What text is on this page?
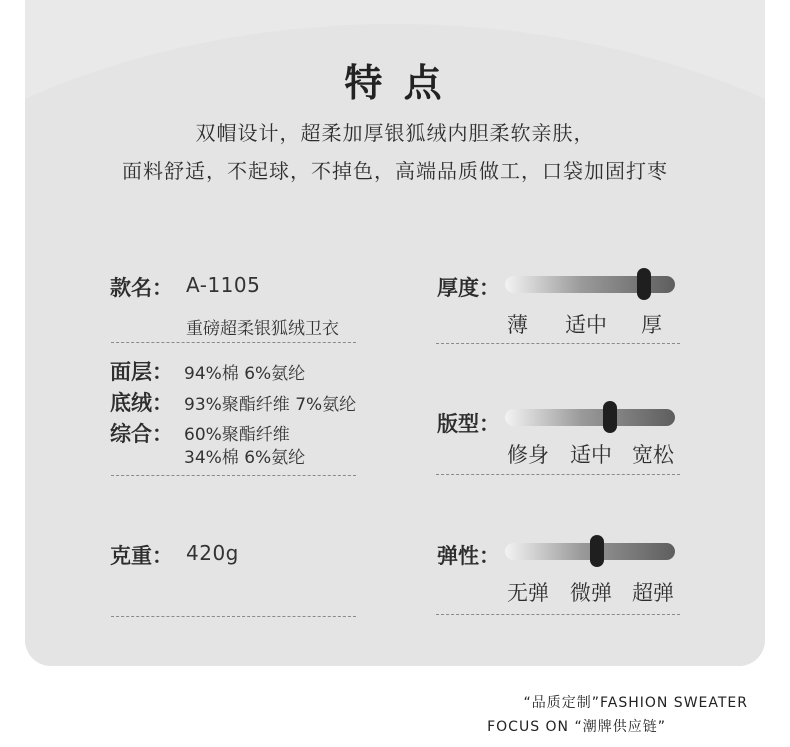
特 点
双帽设计，超柔加厚银狐绒内胆柔软亲肤，
面料舒适，不起球，不掉色，高端品质做工，口袋加固打枣
款名： A-1105
重磅超柔银狐绒卫衣
面层： 94%棉 6%氨纶
底绒： 93%聚酯纤维 7%氨纶
综合： 60%聚酯纤维
34%棉 6%氨纶
克重： 420g
厚度：
薄 适中 厚
版型：
修身 适中 宽松
弹性：
无弹 微弹 超弹
“品质定制”FASHION SWEATER
FOCUS ON “潮牌供应链”
